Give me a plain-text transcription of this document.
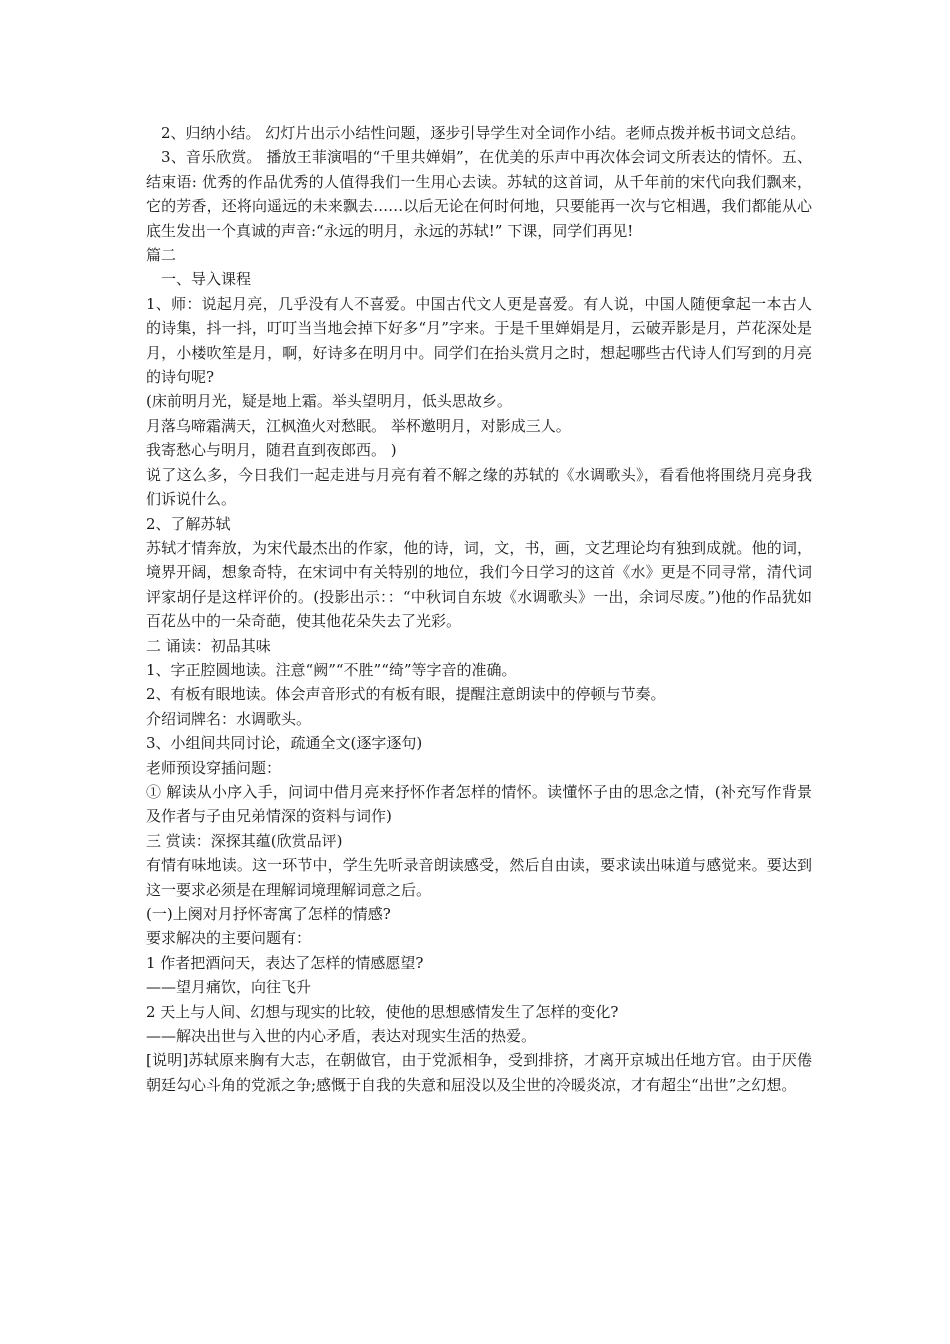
2、归纳小结。 幻灯片出示小结性问题，逐步引导学生对全词作小结。老师点拨并板书词文总结。

3、音乐欣赏。 播放王菲演唱的“千里共婵娟”，在优美的乐声中再次体会词文所表达的情怀。五、结束语: 优秀的作品优秀的人值得我们一生用心去读。苏轼的这首词，从千年前的宋代向我们飘来，它的芳香，还将向遥远的未来飘去……以后无论在何时何地，只要能再一次与它相遇，我们都能从心底生发出一个真诚的声音:“永远的明月，永远的苏轼!” 下课，同学们再见!

篇二

一、导入课程

1、师：说起月亮，几乎没有人不喜爱。中国古代文人更是喜爱。有人说，中国人随便拿起一本古人的诗集，抖一抖，叮叮当当地会掉下好多“月”字来。于是千里婵娟是月，云破弄影是月，芦花深处是月，小楼吹笙是月，啊，好诗多在明月中。同学们在抬头赏月之时，想起哪些古代诗人们写到的月亮的诗句呢?

(床前明月光，疑是地上霜。举头望明月，低头思故乡。

月落乌啼霜满天，江枫渔火对愁眠。 举杯邀明月，对影成三人。

我寄愁心与明月，随君直到夜郎西。 )

说了这么多，今日我们一起走进与月亮有着不解之缘的苏轼的《水调歌头》，看看他将围绕月亮身我们诉说什么。

2、了解苏轼

苏轼才情奔放，为宋代最杰出的作家，他的诗，词，文，书，画，文艺理论均有独到成就。他的词，境界开阔，想象奇特，在宋词中有关特别的地位，我们今日学习的这首《水》更是不同寻常，清代词评家胡仔是这样评价的。(投影出示：：“中秋词自东坡《水调歌头》一出，余词尽废。”)他的作品犹如百花丛中的一朵奇葩，使其他花朵失去了光彩。

二 诵读：初品其味

1、字正腔圆地读。注意“阙”“不胜”“绮”等字音的准确。

2、有板有眼地读。体会声音形式的有板有眼，提醒注意朗读中的停顿与节奏。

介绍词牌名：水调歌头。

3、小组间共同讨论，疏通全文(逐字逐句)

老师预设穿插问题：

① 解读从小序入手，问词中借月亮来抒怀作者怎样的情怀。读懂怀子由的思念之情，(补充写作背景及作者与子由兄弟情深的资料与词作)

三 赏读：深探其蕴(欣赏品评)

有情有味地读。这一环节中，学生先听录音朗读感受，然后自由读，要求读出味道与感觉来。要达到这一要求必须是在理解词境理解词意之后。

(一)上阕对月抒怀寄寓了怎样的情感?

要求解决的主要问题有：

1 作者把酒问天，表达了怎样的情感愿望?

——望月痛饮，向往飞升

2 天上与人间、幻想与现实的比较，使他的思想感情发生了怎样的变化?

——解决出世与入世的内心矛盾，表达对现实生活的热爱。

[说明]苏轼原来胸有大志，在朝做官，由于党派相争，受到排挤，才离开京城出任地方官。由于厌倦朝廷勾心斗角的党派之争;感慨于自我的失意和屈没以及尘世的冷暖炎凉，才有超尘“出世”之幻想。
